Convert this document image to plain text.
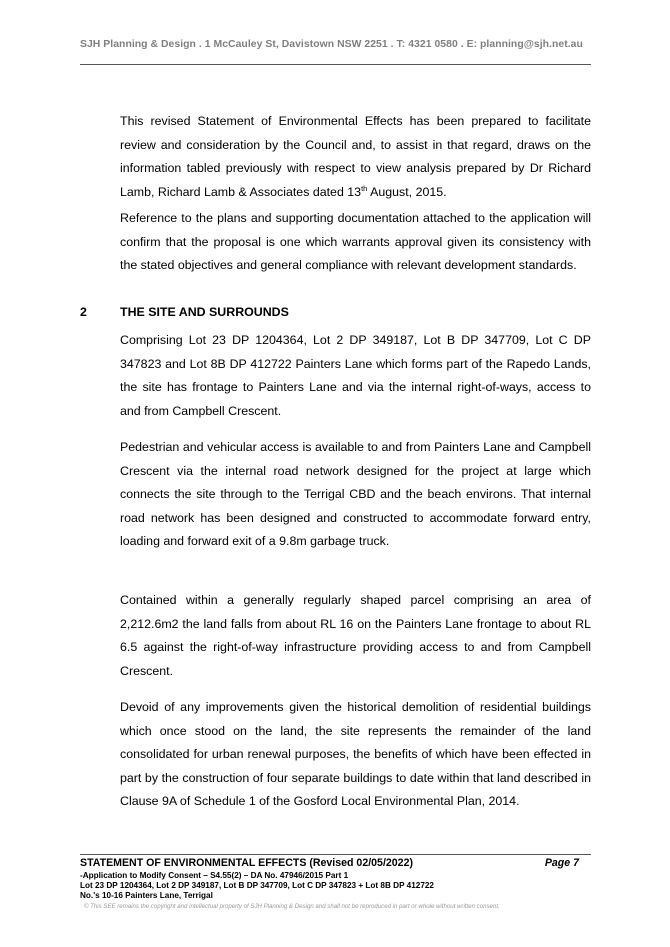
SJH Planning & Design . 1 McCauley St, Davistown NSW 2251 . T: 4321 0580 . E: planning@sjh.net.au

This revised Statement of Environmental Effects has been prepared to facilitate review and consideration by the Council and, to assist in that regard, draws on the information tabled previously with respect to view analysis prepared by Dr Richard Lamb, Richard Lamb & Associates dated 13th August, 2015.

Reference to the plans and supporting documentation attached to the application will confirm that the proposal is one which warrants approval given its consistency with the stated objectives and general compliance with relevant development standards.

2	THE SITE AND SURROUNDS

Comprising Lot 23 DP 1204364, Lot 2 DP 349187, Lot B DP 347709, Lot C DP 347823 and Lot 8B DP 412722 Painters Lane which forms part of the Rapedo Lands, the site has frontage to Painters Lane and via the internal right-of-ways, access to and from Campbell Crescent.

Pedestrian and vehicular access is available to and from Painters Lane and Campbell Crescent via the internal road network designed for the project at large which connects the site through to the Terrigal CBD and the beach environs. That internal road network has been designed and constructed to accommodate forward entry, loading and forward exit of a 9.8m garbage truck.

Contained within a generally regularly shaped parcel comprising an area of 2,212.6m2 the land falls from about RL 16 on the Painters Lane frontage to about RL 6.5 against the right-of-way infrastructure providing access to and from Campbell Crescent.

Devoid of any improvements given the historical demolition of residential buildings which once stood on the land, the site represents the remainder of the land consolidated for urban renewal purposes, the benefits of which have been effected in part by the construction of four separate buildings to date within that land described in Clause 9A of Schedule 1 of the Gosford Local Environmental Plan, 2014.

STATEMENT OF ENVIRONMENTAL EFFECTS (Revised 02/05/2022)	Page 7
-Application to Modify Consent – S4.55(2) – DA No. 47946/2015 Part 1
Lot 23 DP 1204364, Lot 2 DP 349187, Lot B DP 347709, Lot C DP 347823 + Lot 8B DP 412722
No.'s 10-16 Painters Lane, Terrigal
© This SEE remains the copyright and intellectual property of SJH Planning & Design and shall not be reproduced in part or whole without written consent.
